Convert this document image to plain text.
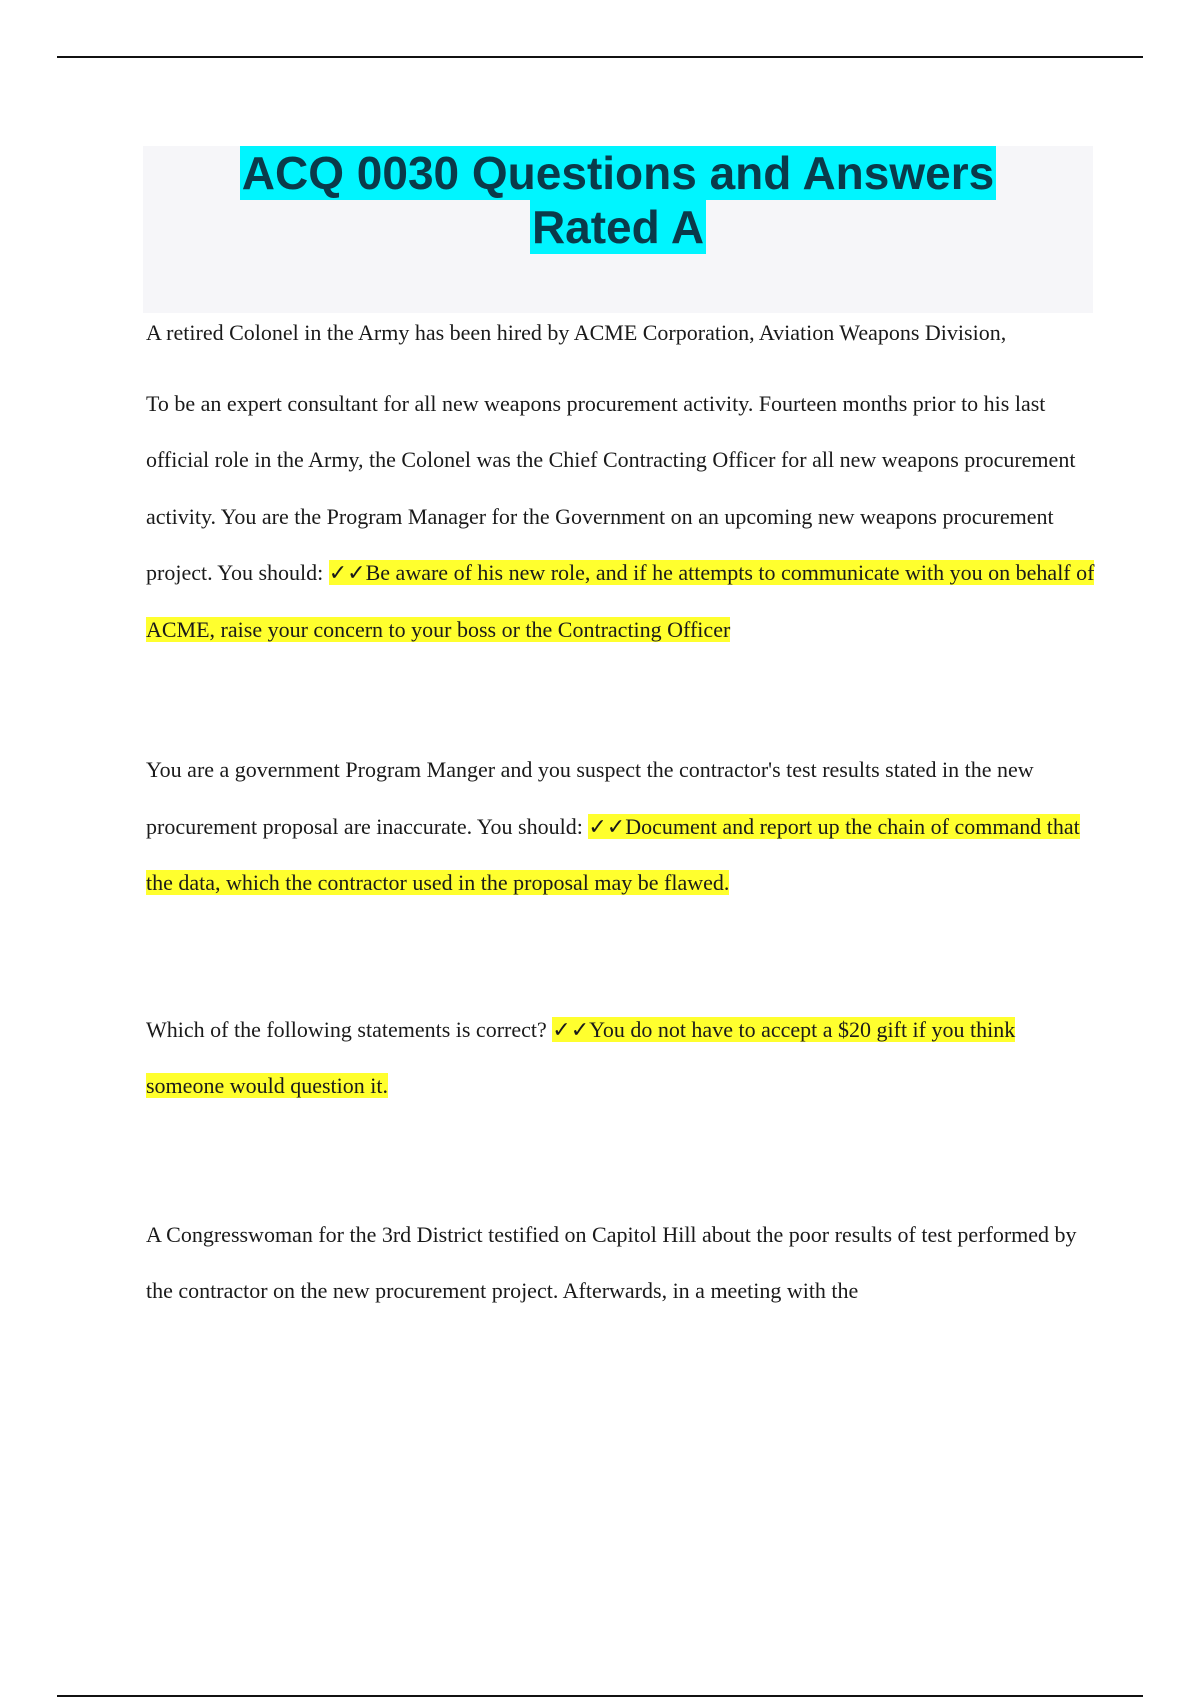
ACQ 0030 Questions and Answers
Rated A

A retired Colonel in the Army has been hired by ACME Corporation, Aviation Weapons Division,

To be an expert consultant for all new weapons procurement activity. Fourteen months prior to his last official role in the Army, the Colonel was the Chief Contracting Officer for all new weapons procurement activity. You are the Program Manager for the Government on an upcoming new weapons procurement project. You should: ✓✓Be aware of his new role, and if he attempts to communicate with you on behalf of ACME, raise your concern to your boss or the Contracting Officer

You are a government Program Manger and you suspect the contractor's test results stated in the new procurement proposal are inaccurate. You should: ✓✓Document and report up the chain of command that the data, which the contractor used in the proposal may be flawed.

Which of the following statements is correct? ✓✓You do not have to accept a $20 gift if you think someone would question it.

A Congresswoman for the 3rd District testified on Capitol Hill about the poor results of test performed by the contractor on the new procurement project. Afterwards, in a meeting with the
